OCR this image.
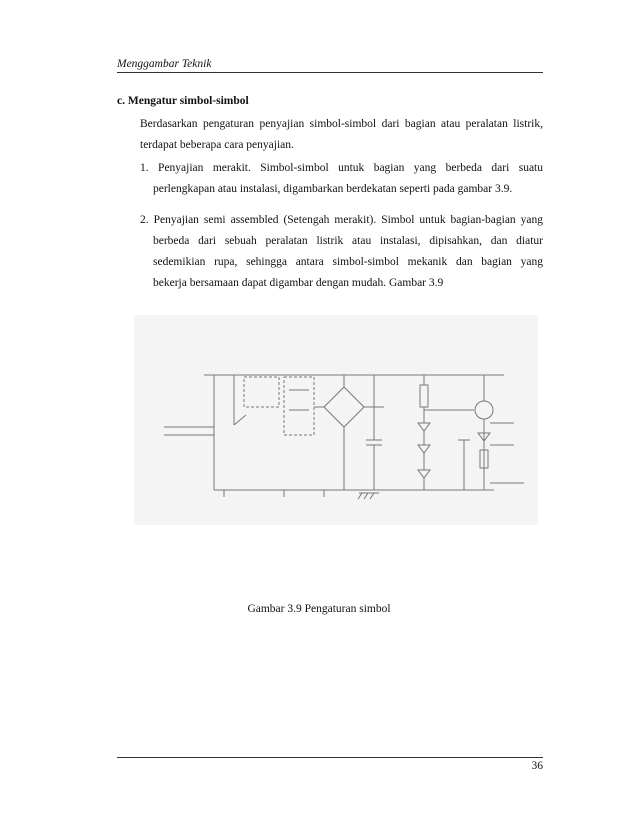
Menggambar Teknik
c. Mengatur simbol-simbol
Berdasarkan pengaturan penyajian simbol-simbol dari bagian atau peralatan listrik,
terdapat beberapa cara penyajian.
1. Penyajian merakit. Simbol-simbol untuk bagian yang berbeda dari suatu
perlengkapan atau instalasi, digambarkan berdekatan seperti pada gambar 3.9.
2. Penyajian semi assembled (Setengah merakit). Simbol untuk bagian-bagian yang
berbeda dari sebuah peralatan listrik atau instalasi, dipisahkan, dan diatur
sedemikian rupa, sehingga antara simbol-simbol mekanik dan bagian yang
bekerja bersamaan dapat digambar dengan mudah. Gambar 3.9
Gambar 3.9 Pengaturan simbol
36
